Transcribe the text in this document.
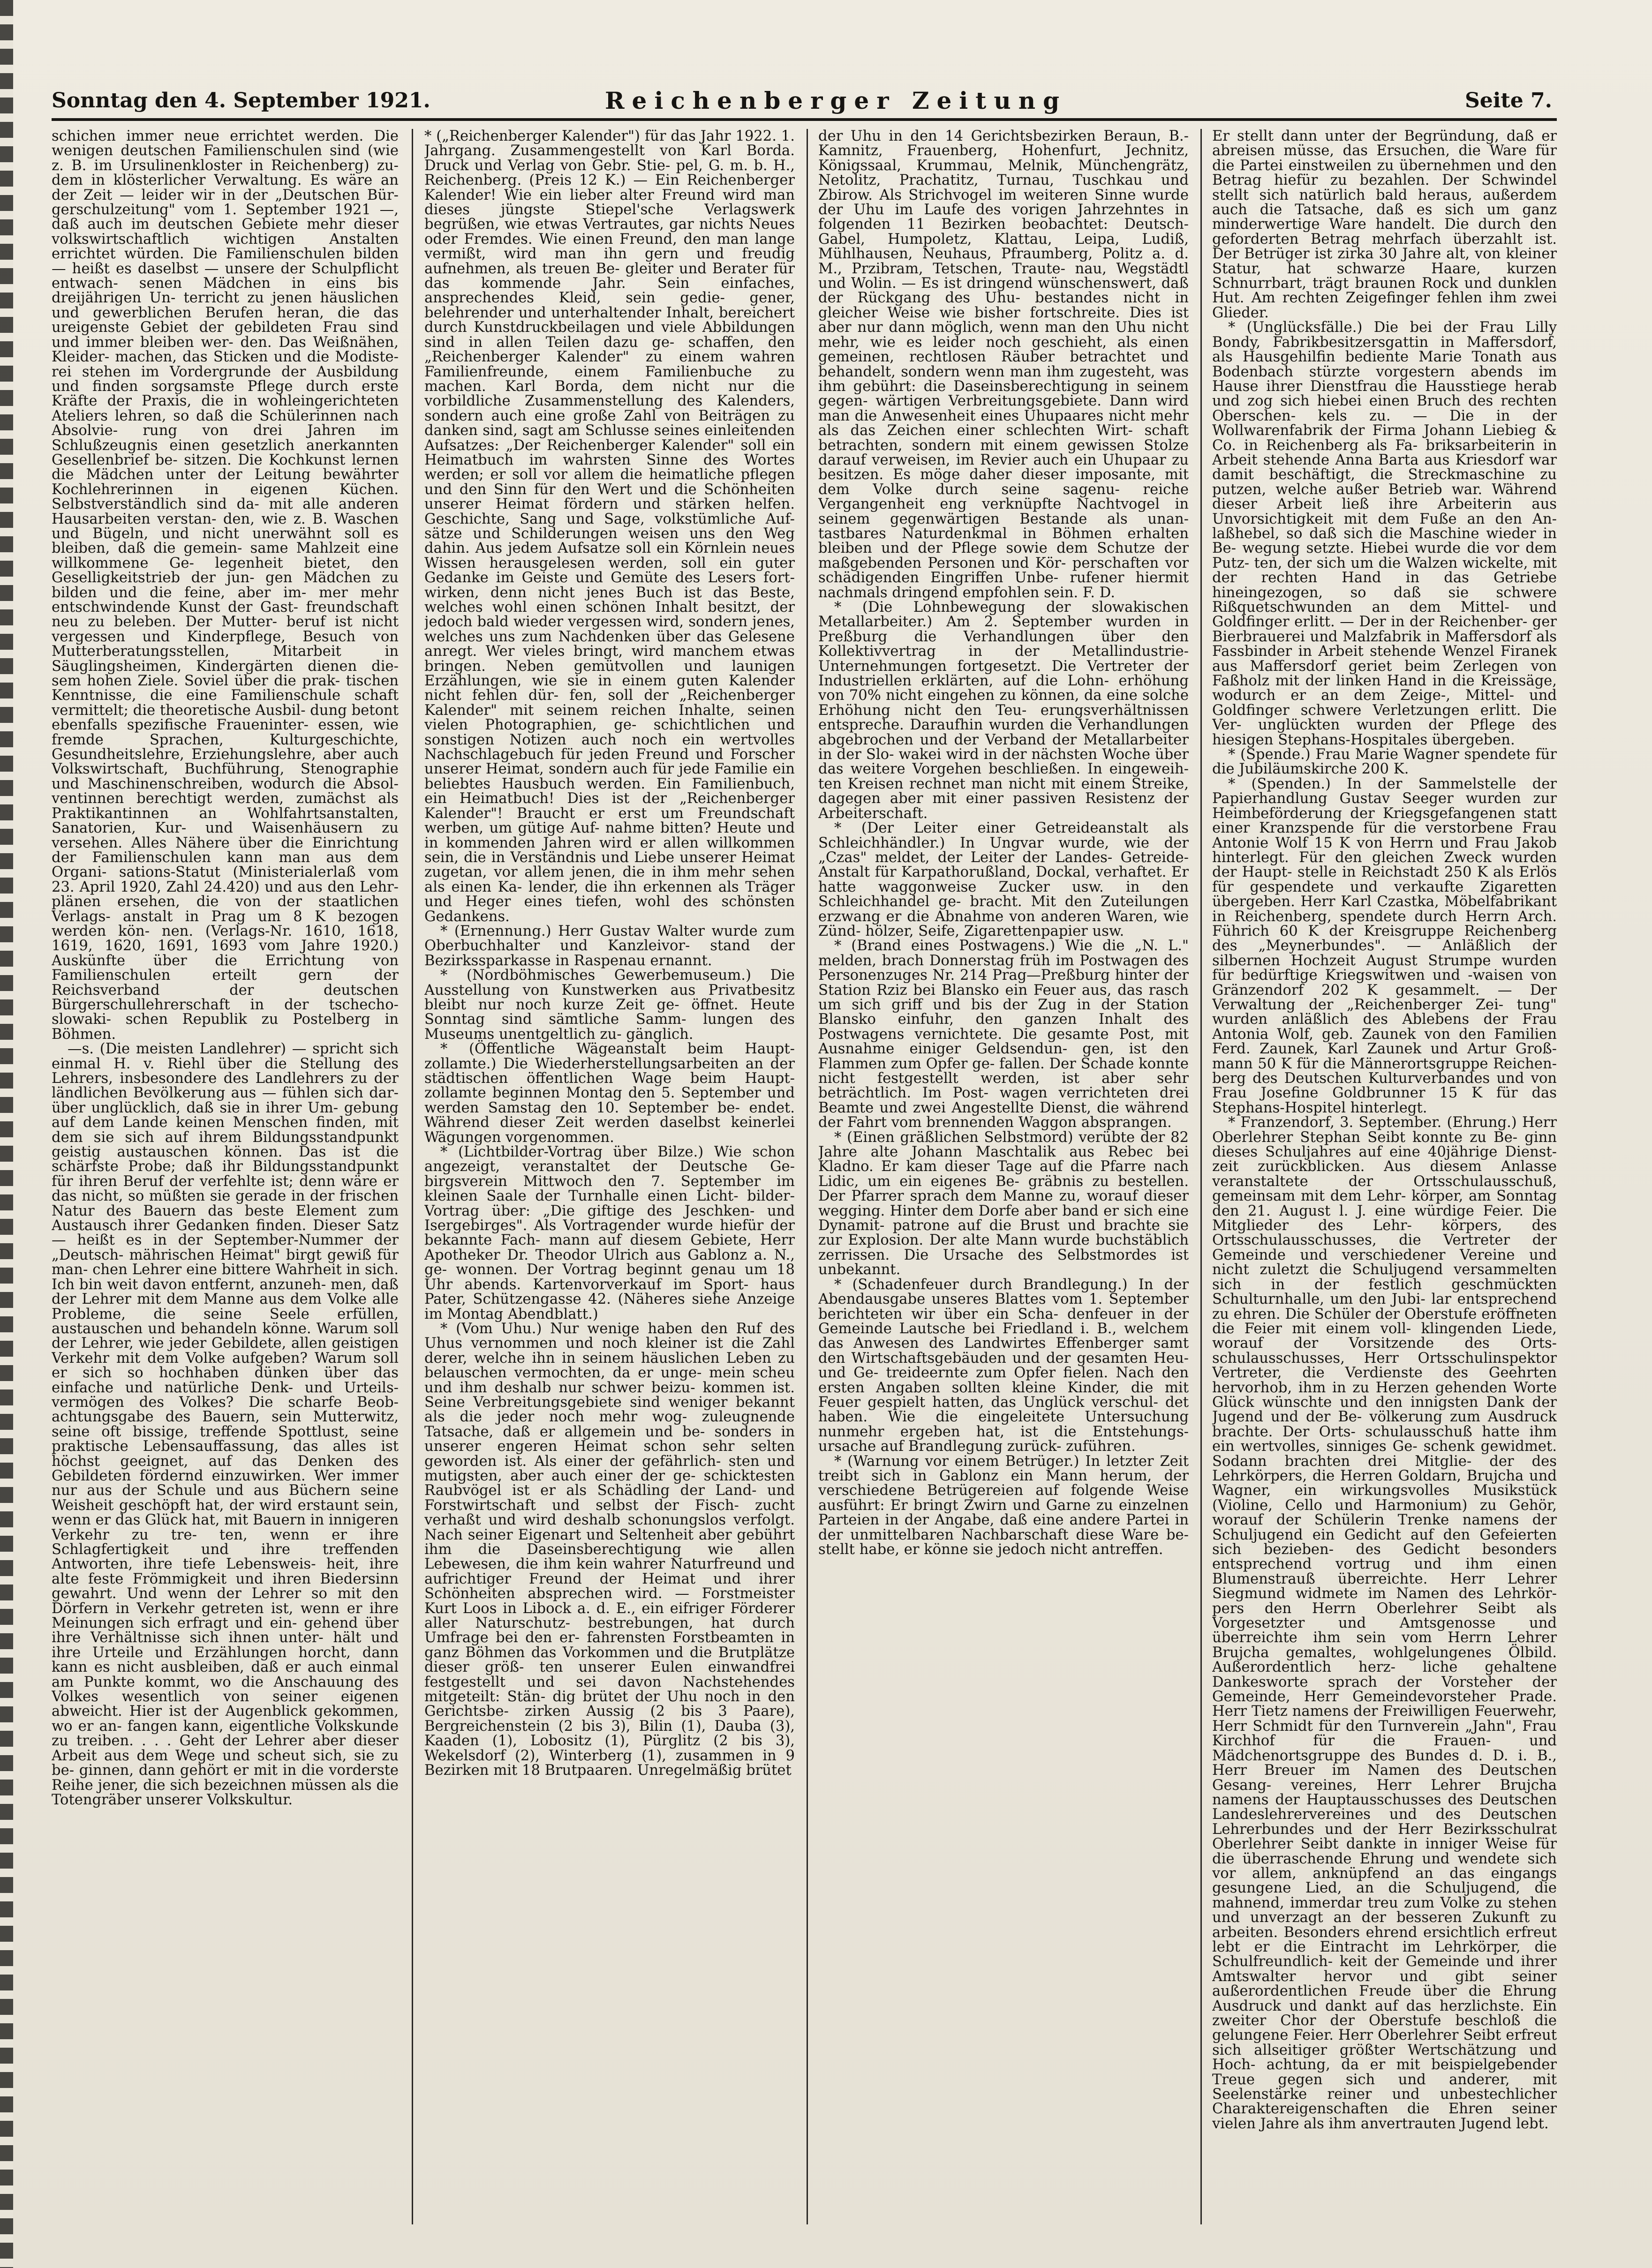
Sonntag den 4. September 1921.	Reichenberger Zeitung	Seite 7.

schichen immer neue errichtet werden. Die wenigen deutschen Familienschulen sind (wie z. B. im Ursulinenkloster in Reichenberg) zu- dem in klösterlicher Verwaltung. Es wäre an der Zeit — leider wir in der „Deutschen Bür- gerschulzeitung" vom 1. September 1921 —, daß auch im deutschen Gebiete mehr dieser volkswirtschaftlich wichtigen Anstalten errichtet würden. Die Familienschulen bilden — heißt es daselbst — unsere der Schulpflicht entwach- senen Mädchen in eins bis dreijährigen Un- terricht zu jenen häuslichen und gewerblichen Berufen heran, die das ureigenste Gebiet der gebildeten Frau sind und immer bleiben wer- den. Das Weißnähen, Kleider- machen, das Sticken und die Modiste- rei stehen im Vordergrunde der Ausbildung und finden sorgsamste Pflege durch erste Kräfte der Praxis, die in wohleingerichteten Ateliers lehren, so daß die Schülerinnen nach Absolvie- rung von drei Jahren im Schlußzeugnis einen gesetzlich anerkannten Gesellenbrief be- sitzen. Die Kochkunst lernen die Mädchen unter der Leitung bewährter Kochlehrerinnen in eigenen Küchen. Selbstverständlich sind da- mit alle anderen Hausarbeiten verstan- den, wie z. B. Waschen und Bügeln, und nicht unerwähnt soll es bleiben, daß die gemein- same Mahlzeit eine willkommene Ge- legenheit bietet, den Geselligkeitstrieb der jun- gen Mädchen zu bilden und die feine, aber im- mer mehr entschwindende Kunst der Gast- freundschaft neu zu beleben. Der Mutter- beruf ist nicht vergessen und Kinderpflege, Besuch von Mutterberatungsstellen, Mitarbeit in Säuglingsheimen, Kindergärten dienen die- sem hohen Ziele. Soviel über die prak- tischen Kenntnisse, die eine Familienschule schaft vermittelt; die theoretische Ausbil- dung betont ebenfalls spezifische Fraueninter- essen, wie fremde Sprachen, Kulturgeschichte, Gesundheitslehre, Erziehungslehre, aber auch Volkswirtschaft, Buchführung, Stenographie und Maschinenschreiben, wodurch die Absol- ventinnen berechtigt werden, zumächst als Praktikantinnen an Wohlfahrtsanstalten, Sanatorien, Kur- und Waisenhäusern zu versehen. Alles Nähere über die Einrichtung der Familienschulen kann man aus dem Organi- sations-Statut (Ministerialerlaß vom 23. April 1920, Zahl 24.420) und aus den Lehr- plänen ersehen, die von der staatlichen Verlags- anstalt in Prag um 8 K bezogen werden kön- nen. (Verlags-Nr. 1610, 1618, 1619, 1620, 1691, 1693 vom Jahre 1920.) Auskünfte über die Errichtung von Familienschulen erteilt gern der Reichsverband der deutschen Bürgerschullehrerschaft in der tschecho-slowaki- schen Republik zu Postelberg in Böhmen.

—s. (Die meisten Landlehrer) — spricht sich einmal H. v. Riehl über die Stellung des Lehrers, insbesondere des Landlehrers zu der ländlichen Bevölkerung aus — fühlen sich dar- über unglücklich, daß sie in ihrer Um- gebung auf dem Lande keinen Menschen finden, mit dem sie sich auf ihrem Bildungsstandpunkt geistig austauschen können. Das ist die schärfste Probe; daß ihr Bildungsstandpunkt für ihren Beruf der verfehlte ist; denn wäre er das nicht, so müßten sie gerade in der frischen Natur des Bauern das beste Element zum Austausch ihrer Gedanken finden. Dieser Satz — heißt es in der September-Nummer der „Deutsch- mährischen Heimat" birgt gewiß für man- chen Lehrer eine bittere Wahrheit in sich. Ich bin weit davon entfernt, anzuneh- men, daß der Lehrer mit dem Manne aus dem Volke alle Probleme, die seine Seele erfüllen, austauschen und behandeln könne. Warum soll der Lehrer, wie jeder Gebildete, allen geistigen Verkehr mit dem Volke aufgeben? Warum soll er sich so hochhaben dünken über das einfache und natürliche Denk- und Urteils- vermögen des Volkes? Die scharfe Beob- achtungsgabe des Bauern, sein Mutterwitz, seine oft bissige, treffende Spottlust, seine praktische Lebensauffassung, das alles ist höchst geeignet, auf das Denken des Gebildeten fördernd einzuwirken. Wer immer nur aus der Schule und aus Büchern seine Weisheit geschöpft hat, der wird erstaunt sein, wenn er das Glück hat, mit Bauern in innigeren Verkehr zu tre- ten, wenn er ihre Schlagfertigkeit und ihre treffenden Antworten, ihre tiefe Lebensweis- heit, ihre alte feste Frömmigkeit und ihren Biedersinn gewahrt. Und wenn der Lehrer so mit den Dörfern in Verkehr getreten ist, wenn er ihre Meinungen sich erfragt und ein- gehend über ihre Verhältnisse sich ihnen unter- hält und ihre Urteile und Erzählungen horcht, dann kann es nicht ausbleiben, daß er auch einmal am Punkte kommt, wo die Anschauung des Volkes wesentlich von seiner eigenen abweicht. Hier ist der Augenblick gekommen, wo er an- fangen kann, eigentliche Volkskunde zu treiben. . . . Geht der Lehrer aber dieser Arbeit aus dem Wege und scheut sich, sie zu be- ginnen, dann gehört er mit in die vorderste Reihe jener, die sich bezeichnen müssen als die Totengräber unserer Volkskultur.

* („Reichenberger Kalender") für das Jahr 1922. 1. Jahrgang. Zusammengestellt von Karl Borda. Druck und Verlag von Gebr. Stie- pel, G. m. b. H., Reichenberg. (Preis 12 K.) — Ein Reichenberger Kalender! Wie ein lieber alter Freund wird man dieses jüngste Stiepel'sche Verlagswerk begrüßen, wie etwas Vertrautes, gar nichts Neues oder Fremdes. Wie einen Freund, den man lange vermißt, wird man ihn gern und freudig aufnehmen, als treuen Be- gleiter und Berater für das kommende Jahr. Sein einfaches, ansprechendes Kleid, sein gedie- gener, belehrender und unterhaltender Inhalt, bereichert durch Kunstdruckbeilagen und viele Abbildungen sind in allen Teilen dazu ge- schaffen, den „Reichenberger Kalender" zu einem wahren Familienfreunde, einem Familienbuche zu machen. Karl Borda, dem nicht nur die vorbildliche Zusammenstellung des Kalenders, sondern auch eine große Zahl von Beiträgen zu danken sind, sagt am Schlusse seines einleitenden Aufsatzes: „Der Reichenberger Kalender" soll ein Heimatbuch im wahrsten Sinne des Wortes werden; er soll vor allem die heimatliche pflegen und den Sinn für den Wert und die Schönheiten unserer Heimat fördern und stärken helfen. Geschichte, Sang und Sage, volkstümliche Auf- sätze und Schilderungen weisen uns den Weg dahin. Aus jedem Aufsatze soll ein Körnlein neues Wissen herausgelesen werden, soll ein guter Gedanke im Geiste und Gemüte des Lesers fort- wirken, denn nicht jenes Buch ist das Beste, welches wohl einen schönen Inhalt besitzt, der jedoch bald wieder vergessen wird, sondern jenes, welches uns zum Nachdenken über das Gelesene anregt. Wer vieles bringt, wird manchem etwas bringen. Neben gemütvollen und launigen Erzählungen, wie sie in einem guten Kalender nicht fehlen dür- fen, soll der „Reichenberger Kalender" mit seinem reichen Inhalte, seinen vielen Photographien, ge- schichtlichen und sonstigen Notizen auch noch ein wertvolles Nachschlagebuch für jeden Freund und Forscher unserer Heimat, sondern auch für jede Familie ein beliebtes Hausbuch werden. Ein Familienbuch, ein Heimatbuch! Dies ist der „Reichenberger Kalender"! Braucht er erst um Freundschaft werben, um gütige Auf- nahme bitten? Heute und in kommenden Jahren wird er allen willkommen sein, die in Verständnis und Liebe unserer Heimat zugetan, vor allem jenen, die in ihm mehr sehen als einen Ka- lender, die ihn erkennen als Träger und Heger eines tiefen, wohl des schönsten Gedankens.

* (Ernennung.) Herr Gustav Walter wurde zum Oberbuchhalter und Kanzleivor- stand der Bezirkssparkasse in Raspenau ernannt.

* (Nordböhmisches Gewerbemuseum.) Die Ausstellung von Kunstwerken aus Privatbesitz bleibt nur noch kurze Zeit ge- öffnet. Heute Sonntag sind sämtliche Samm- lungen des Museums unentgeltlich zu- gänglich.

* (Öffentliche Wägeanstalt beim Haupt- zollamte.) Die Wiederherstellungsarbeiten an der städtischen öffentlichen Wage beim Haupt- zollamte beginnen Montag den 5. September und werden Samstag den 10. September be- endet. Während dieser Zeit werden daselbst keinerlei Wägungen vorgenommen.

* (Lichtbilder-Vortrag über Bilze.) Wie schon angezeigt, veranstaltet der Deutsche Ge- birgsverein Mittwoch den 7. September im kleinen Saale der Turnhalle einen Licht- bilder-Vortrag über: „Die giftige des Jeschken- und Isergebirges". Als Vortragender wurde hiefür der bekannte Fach- mann auf diesem Gebiete, Herr Apotheker Dr. Theodor Ulrich aus Gablonz a. N., ge- wonnen. Der Vortrag beginnt genau um 18 Uhr abends. Kartenvorverkauf im Sport- haus Pater, Schützengasse 42. (Näheres siehe Anzeige im Montag Abendblatt.)

* (Vom Uhu.) Nur wenige haben den Ruf des Uhus vernommen und noch kleiner ist die Zahl derer, welche ihn in seinem häuslichen Leben zu belauschen vermochten, da er unge- mein scheu und ihm deshalb nur schwer beizu- kommen ist. Seine Verbreitungsgebiete sind weniger bekannt als die jeder noch mehr wog- zuleugnende Tatsache, daß er allgemein und be- sonders in unserer engeren Heimat schon sehr selten geworden ist. Als einer der gefährlich- sten und mutigsten, aber auch einer der ge- schicktesten Raubvögel ist er als Schädling der Land- und Forstwirtschaft und selbst der Fisch- zucht verhaßt und wird deshalb schonungslos verfolgt. Nach seiner Eigenart und Seltenheit aber gebührt ihm die Daseinsberechtigung wie allen Lebewesen, die ihm kein wahrer Naturfreund und aufrichtiger Freund der Heimat und ihrer Schönheiten absprechen wird. — Forstmeister Kurt Loos in Libock a. d. E., ein eifriger Förderer aller Naturschutz- bestrebungen, hat durch Umfrage bei den er- fahrensten Forstbeamten in ganz Böhmen das Vorkommen und die Brutplätze dieser größ- ten unserer Eulen einwandfrei festgestellt und sei davon Nachstehendes mitgeteilt: Stän- dig brütet der Uhu noch in den Gerichtsbe- zirken Aussig (2 bis 3 Paare), Bergreichenstein (2 bis 3), Bilin (1), Dauba (3), Kaaden (1), Lobositz (1), Pürglitz (2 bis 3), Wekelsdorf (2), Winterberg (1), zusammen in 9 Bezirken mit 18 Brutpaaren. Unregelmäßig brütet

der Uhu in den 14 Gerichtsbezirken Beraun, B.-Kamnitz, Frauenberg, Hohenfurt, Jechnitz, Königssaal, Krummau, Melnik, Münchengrätz, Netolitz, Prachatitz, Turnau, Tuschkau und Zbirow. Als Strichvogel im weiteren Sinne wurde der Uhu im Laufe des vorigen Jahrzehntes in folgenden 11 Bezirken beobachtet: Deutsch-Gabel, Humpoletz, Klattau, Leipa, Ludiß, Mühlhausen, Neuhaus, Pfraumberg, Politz a. d. M., Przibram, Tetschen, Traute- nau, Wegstädtl und Wolin. — Es ist dringend wünschenswert, daß der Rückgang des Uhu- bestandes nicht in gleicher Weise wie bisher fortschreite. Dies ist aber nur dann möglich, wenn man den Uhu nicht mehr, wie es leider noch geschieht, als einen gemeinen, rechtlosen Räuber betrachtet und behandelt, sondern wenn man ihm zugesteht, was ihm gebührt: die Daseinsberechtigung in seinem gegen- wärtigen Verbreitungsgebiete. Dann wird man die Anwesenheit eines Uhupaares nicht mehr als das Zeichen einer schlechten Wirt- schaft betrachten, sondern mit einem gewissen Stolze darauf verweisen, im Revier auch ein Uhupaar zu besitzen. Es möge daher dieser imposante, mit dem Volke durch seine sagenu- reiche Vergangenheit eng verknüpfte Nachtvogel in seinem gegenwärtigen Bestande als unan- tastbares Naturdenkmal in Böhmen erhalten bleiben und der Pflege sowie dem Schutze der maßgebenden Personen und Kör- perschaften vor schädigenden Eingriffen Unbe- rufener hiermit nachmals dringend empfohlen sein. F. D.

* (Die Lohnbewegung der slowakischen Metallarbeiter.) Am 2. September wurden in Preßburg die Verhandlungen über den Kollektivvertrag in der Metallindustrie- Unternehmungen fortgesetzt. Die Vertreter der Industriellen erklärten, auf die Lohn- erhöhung von 70% nicht eingehen zu können, da eine solche Erhöhung nicht den Teu- erungsverhältnissen entspreche. Daraufhin wurden die Verhandlungen abgebrochen und der Verband der Metallarbeiter in der Slo- wakei wird in der nächsten Woche über das weitere Vorgehen beschließen. In eingeweih- ten Kreisen rechnet man nicht mit einem Streike, dagegen aber mit einer passiven Resistenz der Arbeiterschaft.

* (Der Leiter einer Getreideanstalt als Schleichhändler.) In Ungvar wurde, wie der „Czas" meldet, der Leiter der Landes- Getreide-Anstalt für Karpathorußland, Dockal, verhaftet. Er hatte waggonweise Zucker usw. in den Schleichhandel ge- bracht. Mit den Zuteilungen erzwang er die Abnahme von anderen Waren, wie Zünd- hölzer, Seife, Zigarettenpapier usw.

* (Brand eines Postwagens.) Wie die „N. L." melden, brach Donnerstag früh im Postwagen des Personenzuges Nr. 214 Prag—Preßburg hinter der Station Rziz bei Blansko ein Feuer aus, das rasch um sich griff und bis der Zug in der Station Blansko einfuhr, den ganzen Inhalt des Postwagens vernichtete. Die gesamte Post, mit Ausnahme einiger Geldsendun- gen, ist den Flammen zum Opfer ge- fallen. Der Schade konnte nicht festgestellt werden, ist aber sehr beträchtlich. Im Post- wagen verrichteten drei Beamte und zwei Angestellte Dienst, die während der Fahrt vom brennenden Waggon absprangen.

* (Einen gräßlichen Selbstmord) verübte der 82 Jahre alte Johann Maschtalik aus Rebec bei Kladno. Er kam dieser Tage auf die Pfarre nach Lidic, um ein eigenes Be- gräbnis zu bestellen. Der Pfarrer sprach dem Manne zu, worauf dieser wegging. Hinter dem Dorfe aber band er sich eine Dynamit- patrone auf die Brust und brachte sie zur Explosion. Der alte Mann wurde buchstäblich zerrissen. Die Ursache des Selbstmordes ist unbekannt.

* (Schadenfeuer durch Brandlegung.) In der Abendausgabe unseres Blattes vom 1. September berichteten wir über ein Scha- denfeuer in der Gemeinde Lautsche bei Friedland i. B., welchem das Anwesen des Landwirtes Effenberger samt den Wirtschaftsgebäuden und der gesamten Heu- und Ge- treideernte zum Opfer fielen. Nach den ersten Angaben sollten kleine Kinder, die mit Feuer gespielt hatten, das Unglück verschul- det haben. Wie die eingeleitete Untersuchung nunmehr ergeben hat, ist die Entstehungs- ursache auf Brandlegung zurück- zuführen.

* (Warnung vor einem Betrüger.) In letzter Zeit treibt sich in Gablonz ein Mann herum, der verschiedene Betrügereien auf folgende Weise ausführt: Er bringt Zwirn und Garne zu einzelnen Parteien in der Angabe, daß eine andere Partei in der unmittelbaren Nachbarschaft diese Ware be- stellt habe, er könne sie jedoch nicht antreffen.

Er stellt dann unter der Begründung, daß er abreisen müsse, das Ersuchen, die Ware für die Partei einstweilen zu übernehmen und den Betrag hiefür zu bezahlen. Der Schwindel stellt sich natürlich bald heraus, außerdem auch die Tatsache, daß es sich um ganz minderwertige Ware handelt. Die durch den geforderten Betrag mehrfach überzahlt ist. Der Betrüger ist zirka 30 Jahre alt, von kleiner Statur, hat schwarze Haare, kurzen Schnurrbart, trägt braunen Rock und dunklen Hut. Am rechten Zeigefinger fehlen ihm zwei Glieder.

* (Unglücksfälle.) Die bei der Frau Lilly Bondy, Fabrikbesitzersgattin in Maffersdorf, als Hausgehilfin bediente Marie Tonath aus Bodenbach stürzte vorgestern abends im Hause ihrer Dienstfrau die Hausstiege herab und zog sich hiebei einen Bruch des rechten Oberschen- kels zu. — Die in der Wollwarenfabrik der Firma Johann Liebieg & Co. in Reichenberg als Fa- briksarbeiterin in Arbeit stehende Anna Barta aus Kriesdorf war damit beschäftigt, die Streckmaschine zu putzen, welche außer Betrieb war. Während dieser Arbeit ließ ihre Arbeiterin aus Unvorsichtigkeit mit dem Fuße an den An- laßhebel, so daß sich die Maschine wieder in Be- wegung setzte. Hiebei wurde die vor dem Putz- ten, der sich um die Walzen wickelte, mit der rechten Hand in das Getriebe hineingezogen, so daß sie schwere Rißquetschwunden an dem Mittel- und Goldfinger erlitt. — Der in der Reichenber- ger Bierbrauerei und Malzfabrik in Maffersdorf als Fassbinder in Arbeit stehende Wenzel Firanek aus Maffersdorf geriet beim Zerlegen von Faßholz mit der linken Hand in die Kreissäge, wodurch er an dem Zeige-, Mittel- und Goldfinger schwere Verletzungen erlitt. Die Ver- unglückten wurden der Pflege des hiesigen Stephans-Hospitales übergeben.

* (Spende.) Frau Marie Wagner spendete für die Jubiläumskirche 200 K.

* (Spenden.) In der Sammelstelle der Papierhandlung Gustav Seeger wurden zur Heimbeförderung der Kriegsgefangenen statt einer Kranzspende für die verstorbene Frau Antonie Wolf 15 K von Herrn und Frau Jakob hinterlegt. Für den gleichen Zweck wurden der Haupt- stelle in Reichstadt 250 K als Erlös für gespendete und verkaufte Zigaretten übergeben. Herr Karl Czastka, Möbelfabrikant in Reichenberg, spendete durch Herrn Arch. Führich 60 K der Kreisgruppe Reichenberg des „Meynerbundes". — Anläßlich der silbernen Hochzeit August Strumpe wurden für bedürftige Kriegswitwen und -waisen von Gränzendorf 202 K gesammelt. — Der Verwaltung der „Reichenberger Zei- tung" wurden anläßlich des Ablebens der Frau Antonia Wolf, geb. Zaunek von den Familien Ferd. Zaunek, Karl Zaunek und Artur Groß- mann 50 K für die Männerortsgruppe Reichen- berg des Deutschen Kulturverbandes und von Frau Josefine Goldbrunner 15 K für das Stephans-Hospitel hinterlegt.

* Franzendorf, 3. September. (Ehrung.) Herr Oberlehrer Stephan Seibt konnte zu Be- ginn dieses Schuljahres auf eine 40jährige Dienst- zeit zurückblicken. Aus diesem Anlasse veranstaltete der Ortsschulausschuß, gemeinsam mit dem Lehr- körper, am Sonntag den 21. August l. J. eine würdige Feier. Die Mitglieder des Lehr- körpers, des Ortsschulausschusses, die Vertreter der Gemeinde und verschiedener Vereine und nicht zuletzt die Schuljugend versammelten sich in der festlich geschmückten Schulturnhalle, um den Jubi- lar entsprechend zu ehren. Die Schüler der Oberstufe eröffneten die Feier mit einem voll- klingenden Liede, worauf der Vorsitzende des Orts- schulausschusses, Herr Ortsschulinspektor Vertreter, die Verdienste des Geehrten hervorhob, ihm in zu Herzen gehenden Worte Glück wünschte und den innigsten Dank der Jugend und der Be- völkerung zum Ausdruck brachte. Der Orts- schulausschuß hatte ihm ein wertvolles, sinniges Ge- schenk gewidmet. Sodann brachten drei Mitglie- der des Lehrkörpers, die Herren Goldarn, Brujcha und Wagner, ein wirkungsvolles Musikstück (Violine, Cello und Harmonium) zu Gehör, worauf der Schülerin Trenke namens der Schuljugend ein Gedicht auf den Gefeierten sich bezieben- des Gedicht besonders entsprechend vortrug und ihm einen Blumenstrauß überreichte. Herr Lehrer Siegmund widmete im Namen des Lehrkör- pers den Herrn Oberlehrer Seibt als Vorgesetzter und Amtsgenosse und überreichte ihm sein vom Herrn Lehrer Brujcha gemaltes, wohlgelungenes Ölbild. Außerordentlich herz- liche gehaltene Dankesworte sprach der Vorsteher der Gemeinde, Herr Gemeindevorsteher Prade. Herr Tietz namens der Freiwilligen Feuerwehr, Herr Schmidt für den Turnverein „Jahn", Frau Kirchhof für die Frauen- und Mädchenortsgruppe des Bundes d. D. i. B., Herr Breuer im Namen des Deutschen Gesang- vereines, Herr Lehrer Brujcha namens der Hauptausschusses des Deutschen Landeslehrervereines und des Deutschen Lehrerbundes und der Herr Bezirksschulrat Oberlehrer Seibt dankte in inniger Weise für die überraschende Ehrung und wendete sich vor allem, anknüpfend an das eingangs gesungene Lied, an die Schuljugend, die mahnend, immerdar treu zum Volke zu stehen und unverzagt an der besseren Zukunft zu arbeiten. Besonders ehrend ersichtlich erfreut lebt er die Eintracht im Lehrkörper, die Schulfreundlich- keit der Gemeinde und ihrer Amtswalter hervor und gibt seiner außerordentlichen Freude über die Ehrung Ausdruck und dankt auf das herzlichste. Ein zweiter Chor der Oberstufe beschloß die gelungene Feier. Herr Oberlehrer Seibt erfreut sich allseitiger größter Wertschätzung und Hoch- achtung, da er mit beispielgebender Treue gegen sich und anderer, mit Seelenstärke reiner und unbestechlicher Charaktereigenschaften die Ehren seiner vielen Jahre als ihm anvertrauten Jugend lebt.
